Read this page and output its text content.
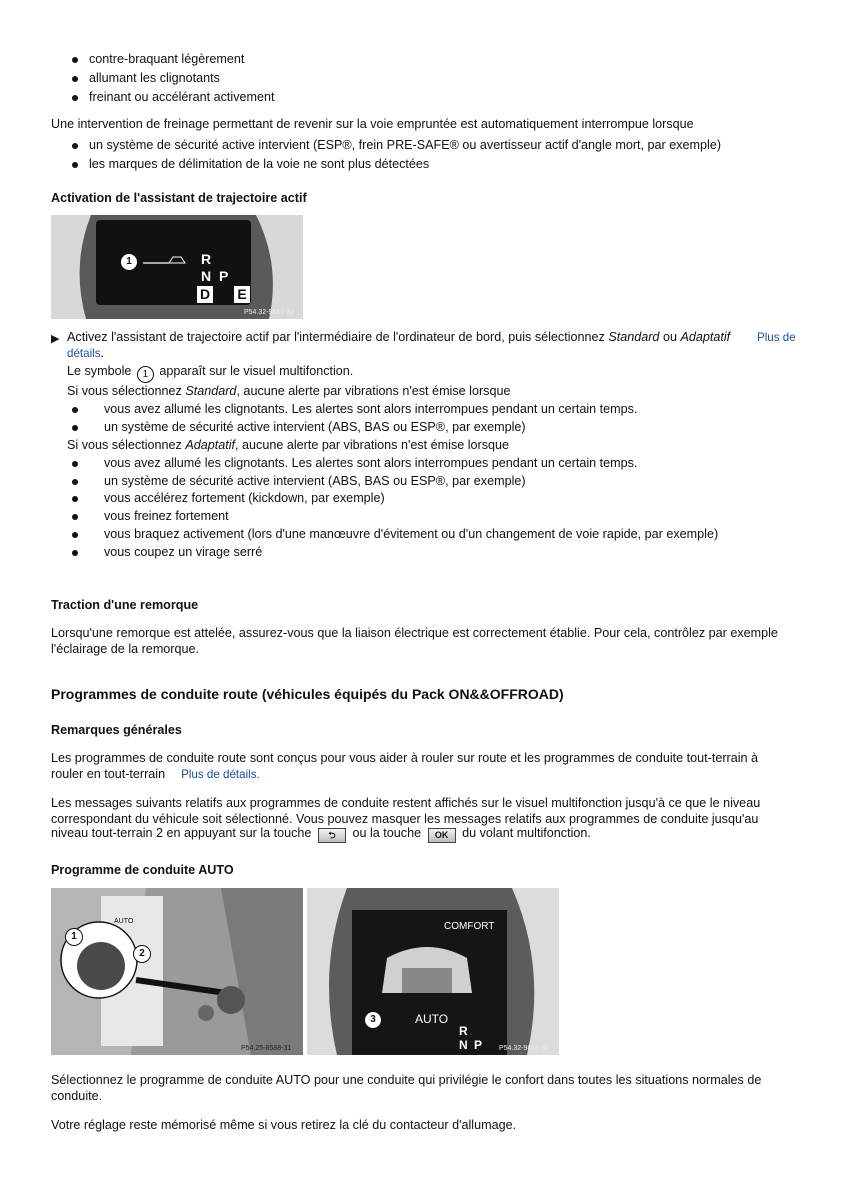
contre-braquant légèrement
allumant les clignotants
freinant ou accélérant activement
Une intervention de freinage permettant de revenir sur la voie empruntée est automatiquement interrompue lorsque
un système de sécurité active intervient (ESP®, frein PRE-SAFE® ou avertisseur actif d'angle mort, par exemple)
les marques de délimitation de la voie ne sont plus détectées
Activation de l'assistant de trajectoire actif
1	R
N P
D E
P54.32-9812-31
▶ Activez l'assistant de trajectoire actif par l'intermédiaire de l'ordinateur de bord, puis sélectionnez Standard ou Adaptatif Plus de
détails.
Le symbole 1 apparaît sur le visuel multifonction.
Si vous sélectionnez Standard, aucune alerte par vibrations n'est émise lorsque
vous avez allumé les clignotants. Les alertes sont alors interrompues pendant un certain temps.
un système de sécurité active intervient (ABS, BAS ou ESP®, par exemple)
Si vous sélectionnez Adaptatif, aucune alerte par vibrations n'est émise lorsque
vous avez allumé les clignotants. Les alertes sont alors interrompues pendant un certain temps.
un système de sécurité active intervient (ABS, BAS ou ESP®, par exemple)
vous accélérez fortement (kickdown, par exemple)
vous freinez fortement
vous braquez activement (lors d'une manœuvre d'évitement ou d'un changement de voie rapide, par exemple)
vous coupez un virage serré
Traction d'une remorque
Lorsqu'une remorque est attelée, assurez-vous que la liaison électrique est correctement établie. Pour cela, contrôlez par exemple
l'éclairage de la remorque.
Programmes de conduite route (véhicules équipés du Pack ON&&OFFROAD)
Remarques générales
Les programmes de conduite route sont conçus pour vous aider à rouler sur route et les programmes de conduite tout-terrain à
rouler en tout-terrain Plus de détails.
Les messages suivants relatifs aux programmes de conduite restent affichés sur le visuel multifonction jusqu'à ce que le niveau
correspondant du véhicule soit sélectionné. Vous pouvez masquer les messages relatifs aux programmes de conduite jusqu'au
niveau tout-terrain 2 en appuyant sur la touche ⮌ ou la touche OK du volant multifonction.
Programme de conduite AUTO
AUTO
1
2
P54.25-8588-31
COMFORT
3	AUTO
R
N P P54.32-9813-31
Sélectionnez le programme de conduite AUTO pour une conduite qui privilégie le confort dans toutes les situations normales de
conduite.
Votre réglage reste mémorisé même si vous retirez la clé du contacteur d'allumage.
